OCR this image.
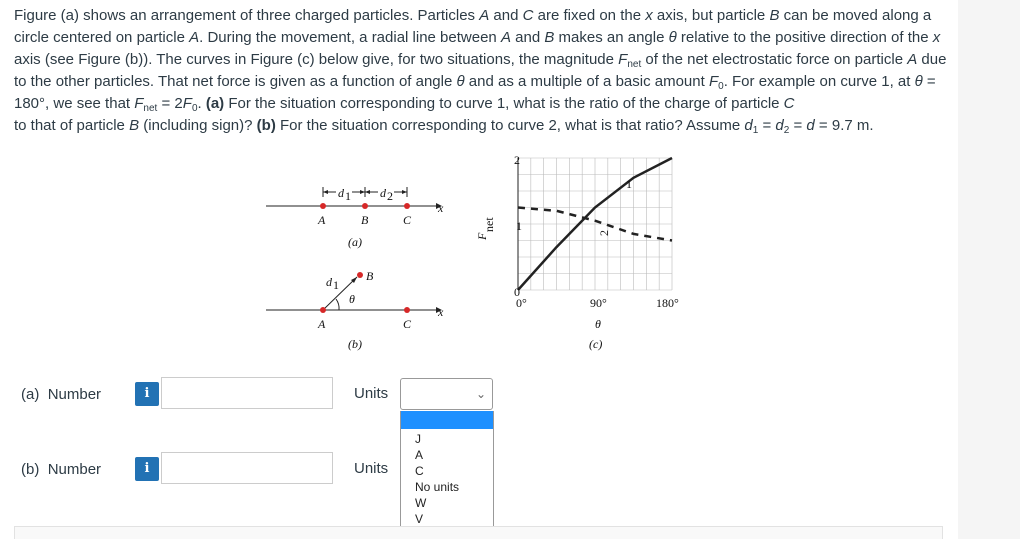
Figure (a) shows an arrangement of three charged particles. Particles A and C are fixed on the x axis, but particle B can be moved along a circle centered on particle A. During the movement, a radial line between A and B makes an angle θ relative to the positive direction of the x axis (see Figure (b)). The curves in Figure (c) below give, for two situations, the magnitude $F_{net}$ of the net electrostatic force on particle A due to the other particles. That net force is given as a function of angle θ and as a multiple of a basic amount $F_0$. For example on curve 1, at θ = 180°, we see that $F_{net} = 2F_0$. (a) For the situation corresponding to curve 1, what is the ratio of the charge of particle C
to that of particle B (including sign)? (b) For the situation corresponding to curve 2, what is that ratio? Assume $d_1 = d_2 = d = 9.7$ m.
x
d 1 d 2
A	B	C
(a)
x
θ
d 1
B
A	C
(b)
F
net
2
1
0
0°	90°	180°
θ
(c)
1
2
(a) Number	i	Units	⌄
J
A
C
No units
W
V
(b) Number	i	Units
